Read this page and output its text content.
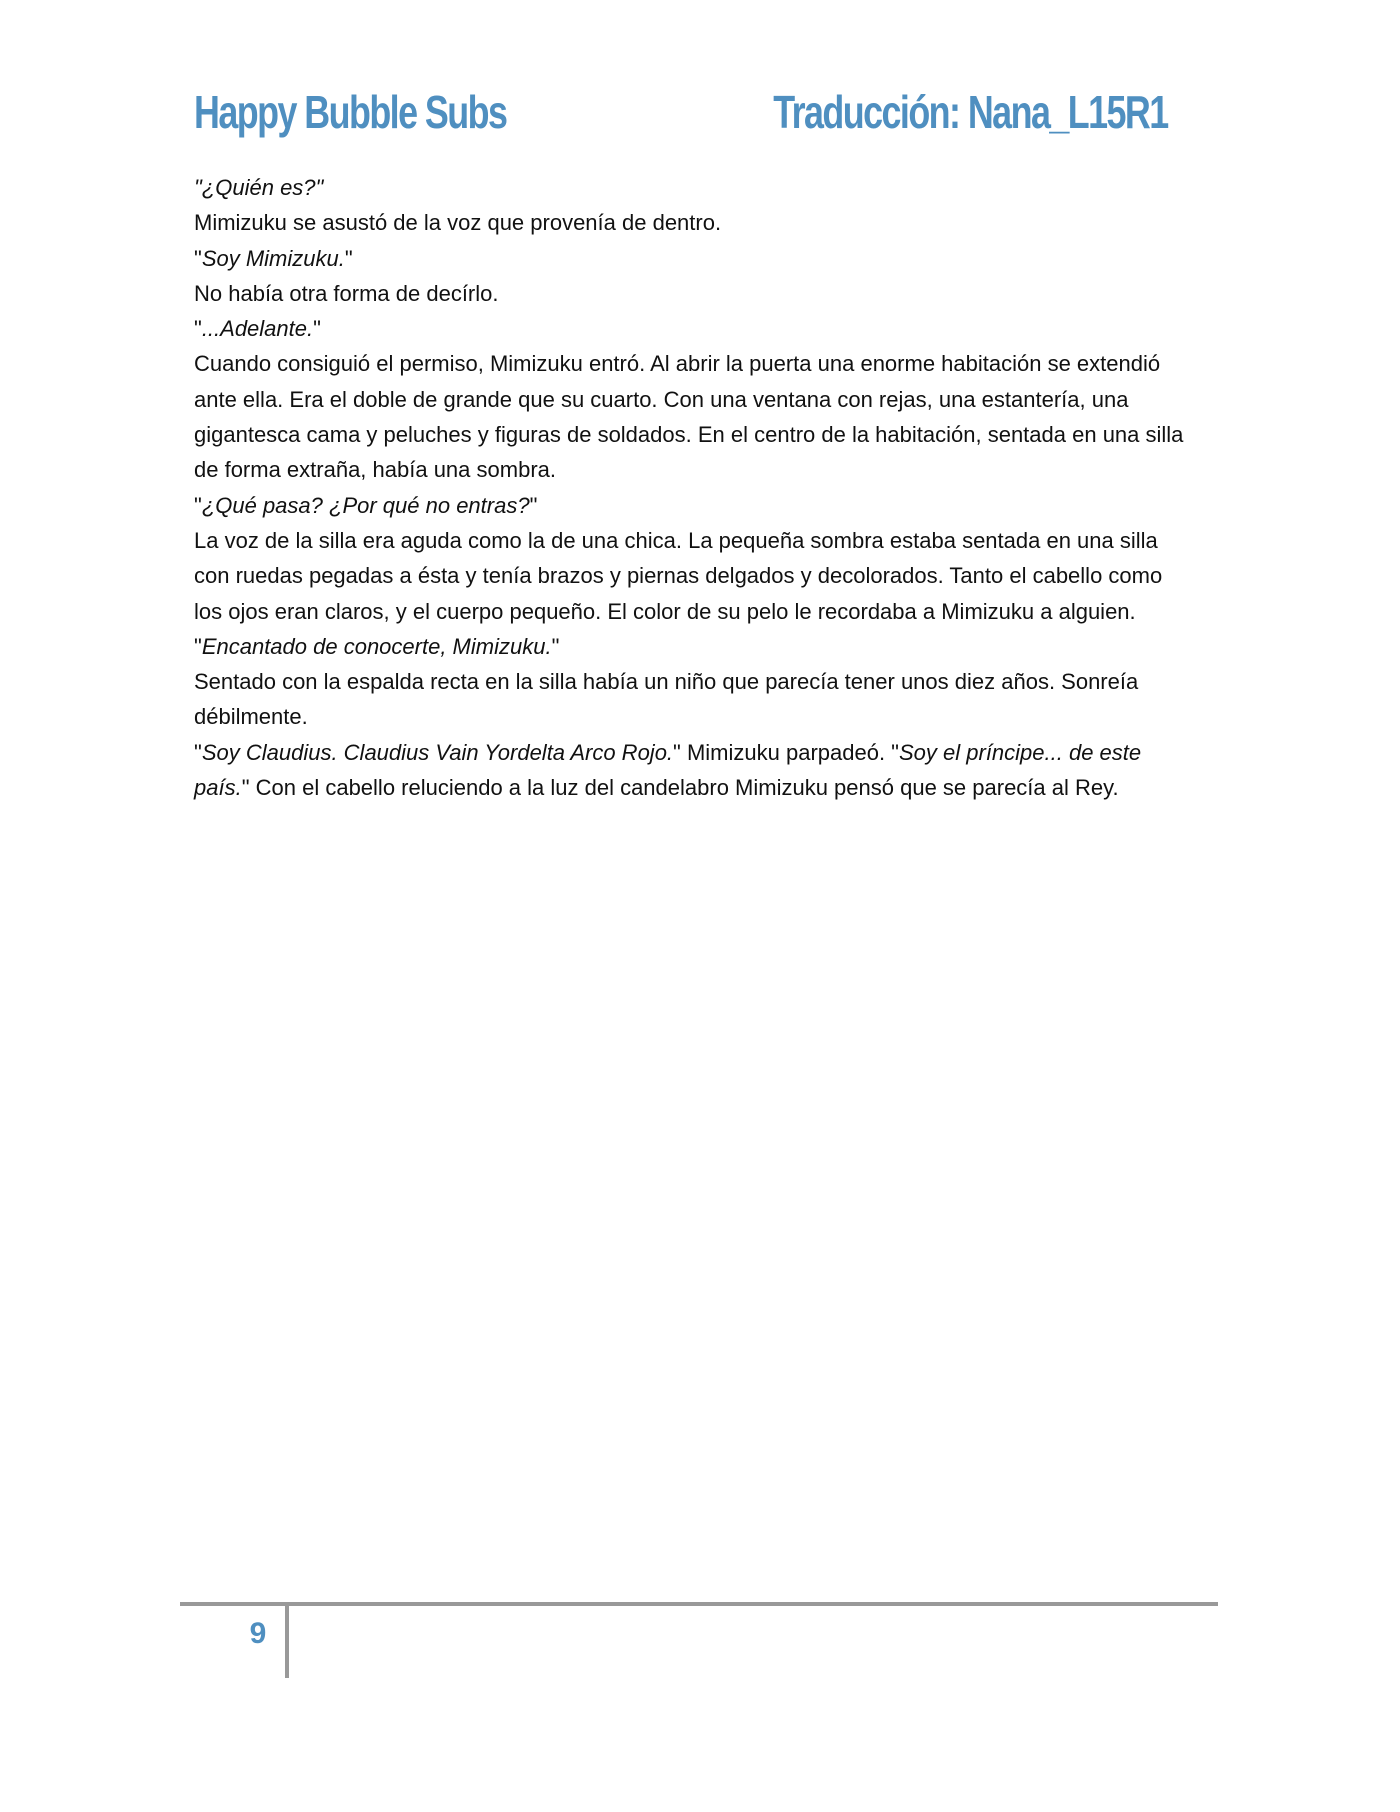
Happy Bubble Subs	Traducción: Nana_L15R1

"¿Quién es?"

Mimizuku se asustó de la voz que provenía de dentro.

"Soy Mimizuku."

No había otra forma de decírlo.

"...Adelante."

Cuando consiguió el permiso, Mimizuku entró. Al abrir la puerta una enorme habitación se extendió ante ella. Era el doble de grande que su cuarto. Con una ventana con rejas, una estantería, una gigantesca cama y peluches y figuras de soldados. En el centro de la habitación, sentada en una silla de forma extraña, había una sombra.

"¿Qué pasa? ¿Por qué no entras?"

La voz de la silla era aguda como la de una chica. La pequeña sombra estaba sentada en una silla con ruedas pegadas a ésta y tenía brazos y piernas delgados y decolorados. Tanto el cabello como los ojos eran claros, y el cuerpo pequeño. El color de su pelo le recordaba a Mimizuku a alguien.

"Encantado de conocerte, Mimizuku."

Sentado con la espalda recta en la silla había un niño que parecía tener unos diez años. Sonreía débilmente.

"Soy Claudius. Claudius Vain Yordelta Arco Rojo." Mimizuku parpadeó. "Soy el príncipe... de este país." Con el cabello reluciendo a la luz del candelabro Mimizuku pensó que se parecía al Rey.

9
